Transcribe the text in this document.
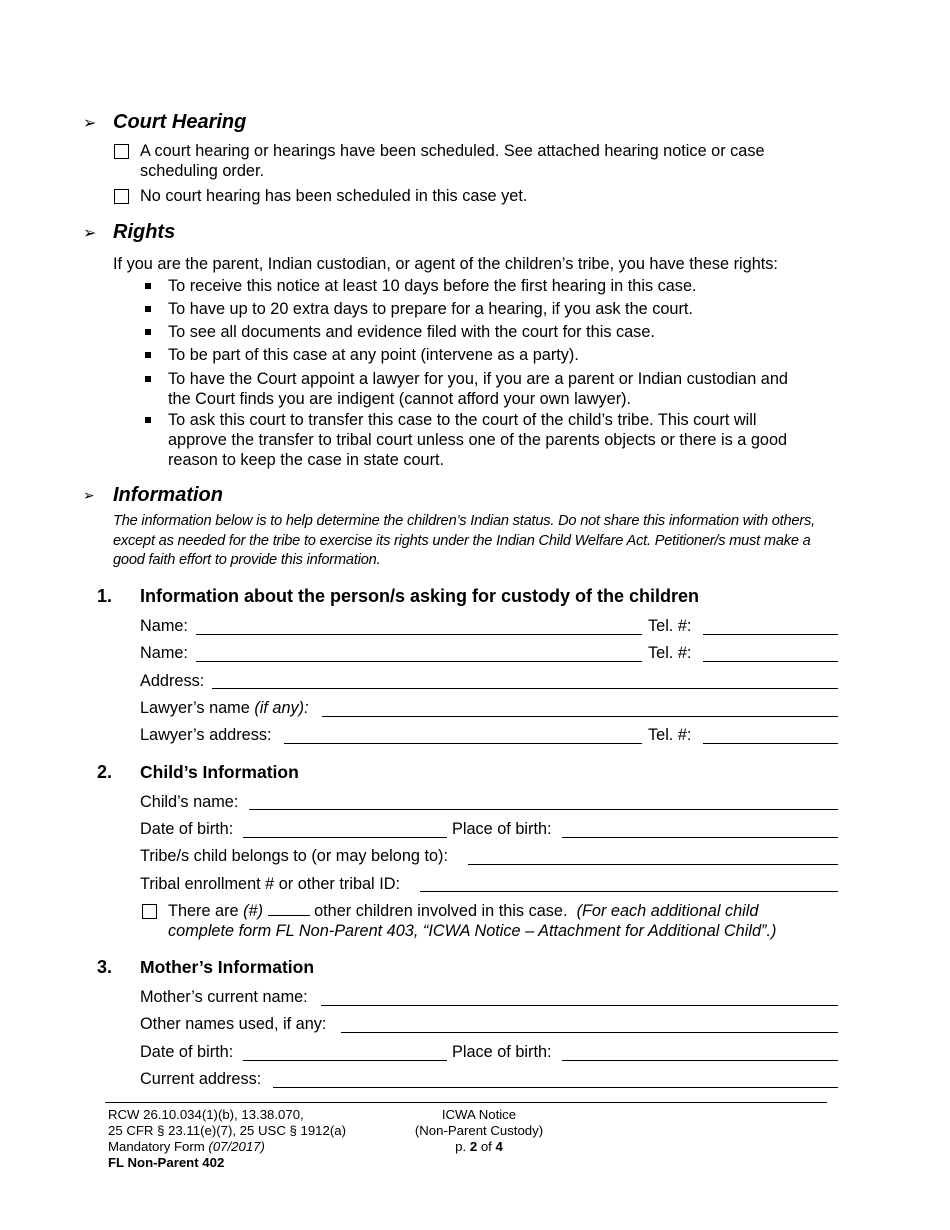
➢ Court Hearing
A court hearing or hearings have been scheduled. See attached hearing notice or case
scheduling order.
No court hearing has been scheduled in this case yet.
➢ Rights
If you are the parent, Indian custodian, or agent of the children’s tribe, you have these rights:
To receive this notice at least 10 days before the first hearing in this case.
To have up to 20 extra days to prepare for a hearing, if you ask the court.
To see all documents and evidence filed with the court for this case.
To be part of this case at any point (intervene as a party).
To have the Court appoint a lawyer for you, if you are a parent or Indian custodian and
the Court finds you are indigent (cannot afford your own lawyer).
To ask this court to transfer this case to the court of the child’s tribe. This court will
approve the transfer to tribal court unless one of the parents objects or there is a good
reason to keep the case in state court.
➢ Information
The information below is to help determine the children’s Indian status. Do not share this information with others,
except as needed for the tribe to exercise its rights under the Indian Child Welfare Act. Petitioner/s must make a
good faith effort to provide this information.
1. Information about the person/s asking for custody of the children
Name:	Tel. #:
Name:	Tel. #:
Address:
Lawyer’s name (if any):
Lawyer’s address:	Tel. #:
2. Child’s Information
Child’s name:
Date of birth:	Place of birth:
Tribe/s child belongs to (or may belong to):
Tribal enrollment # or other tribal ID:
There are (#)	other children involved in this case. (For each additional child
complete form FL Non-Parent 403, “ICWA Notice – Attachment for Additional Child”.)
3. Mother’s Information
Mother’s current name:
Other names used, if any:
Date of birth:	Place of birth:
Current address:
RCW 26.10.034(1)(b), 13.38.070,
25 CFR § 23.11(e)(7), 25 USC § 1912(a)
Mandatory Form (07/2017)
FL Non-Parent 402
ICWA Notice
(Non-Parent Custody)
p. 2 of 4
